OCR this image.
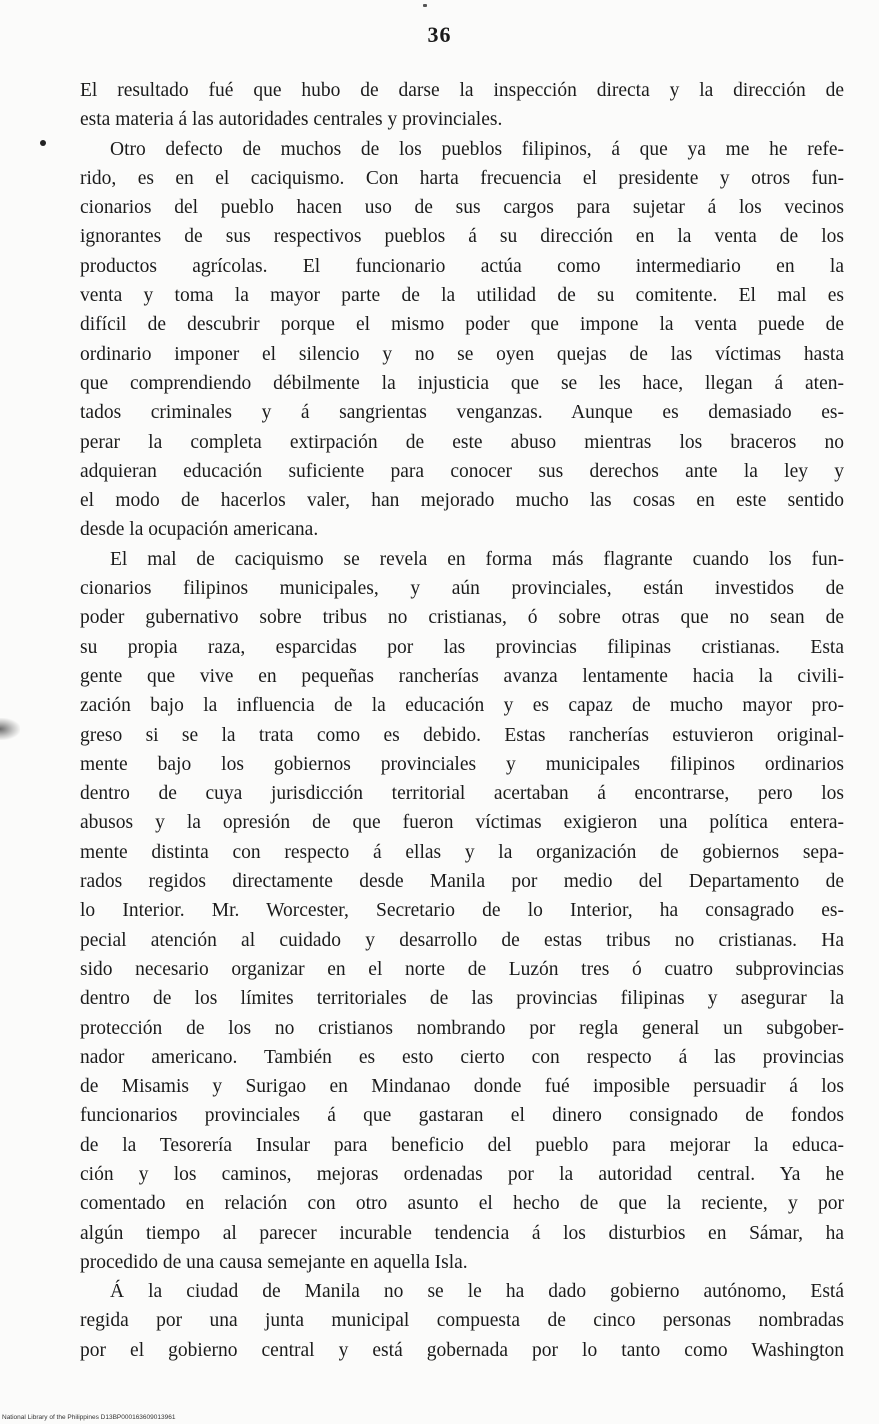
36
El resultado fué que hubo de darse la inspección directa y la dirección de
esta materia á las autoridades centrales y provinciales.
Otro defecto de muchos de los pueblos filipinos, á que ya me he refe-
rido, es en el caciquismo. Con harta frecuencia el presidente y otros fun-
cionarios del pueblo hacen uso de sus cargos para sujetar á los vecinos
ignorantes de sus respectivos pueblos á su dirección en la venta de los
productos agrícolas. El funcionario actúa como intermediario en la
venta y toma la mayor parte de la utilidad de su comitente. El mal es
difícil de descubrir porque el mismo poder que impone la venta puede de
ordinario imponer el silencio y no se oyen quejas de las víctimas hasta
que comprendiendo débilmente la injusticia que se les hace, llegan á aten-
tados criminales y á sangrientas venganzas. Aunque es demasiado es-
perar la completa extirpación de este abuso mientras los braceros no
adquieran educación suficiente para conocer sus derechos ante la ley y
el modo de hacerlos valer, han mejorado mucho las cosas en este sentido
desde la ocupación americana.
El mal de caciquismo se revela en forma más flagrante cuando los fun-
cionarios filipinos municipales, y aún provinciales, están investidos de
poder gubernativo sobre tribus no cristianas, ó sobre otras que no sean de
su propia raza, esparcidas por las provincias filipinas cristianas. Esta
gente que vive en pequeñas rancherías avanza lentamente hacia la civili-
zación bajo la influencia de la educación y es capaz de mucho mayor pro-
greso si se la trata como es debido. Estas rancherías estuvieron original-
mente bajo los gobiernos provinciales y municipales filipinos ordinarios
dentro de cuya jurisdicción territorial acertaban á encontrarse, pero los
abusos y la opresión de que fueron víctimas exigieron una política entera-
mente distinta con respecto á ellas y la organización de gobiernos sepa-
rados regidos directamente desde Manila por medio del Departamento de
lo Interior. Mr. Worcester, Secretario de lo Interior, ha consagrado es-
pecial atención al cuidado y desarrollo de estas tribus no cristianas. Ha
sido necesario organizar en el norte de Luzón tres ó cuatro subprovincias
dentro de los límites territoriales de las provincias filipinas y asegurar la
protección de los no cristianos nombrando por regla general un subgober-
nador americano. También es esto cierto con respecto á las provincias
de Misamis y Surigao en Mindanao donde fué imposible persuadir á los
funcionarios provinciales á que gastaran el dinero consignado de fondos
de la Tesorería Insular para beneficio del pueblo para mejorar la educa-
ción y los caminos, mejoras ordenadas por la autoridad central. Ya he
comentado en relación con otro asunto el hecho de que la reciente, y por
algún tiempo al parecer incurable tendencia á los disturbios en Sámar, ha
procedido de una causa semejante en aquella Isla.
Á la ciudad de Manila no se le ha dado gobierno autónomo, Está
regida por una junta municipal compuesta de cinco personas nombradas
por el gobierno central y está gobernada por lo tanto como Washington
National Library of the Philippines D13BP000163609013961
